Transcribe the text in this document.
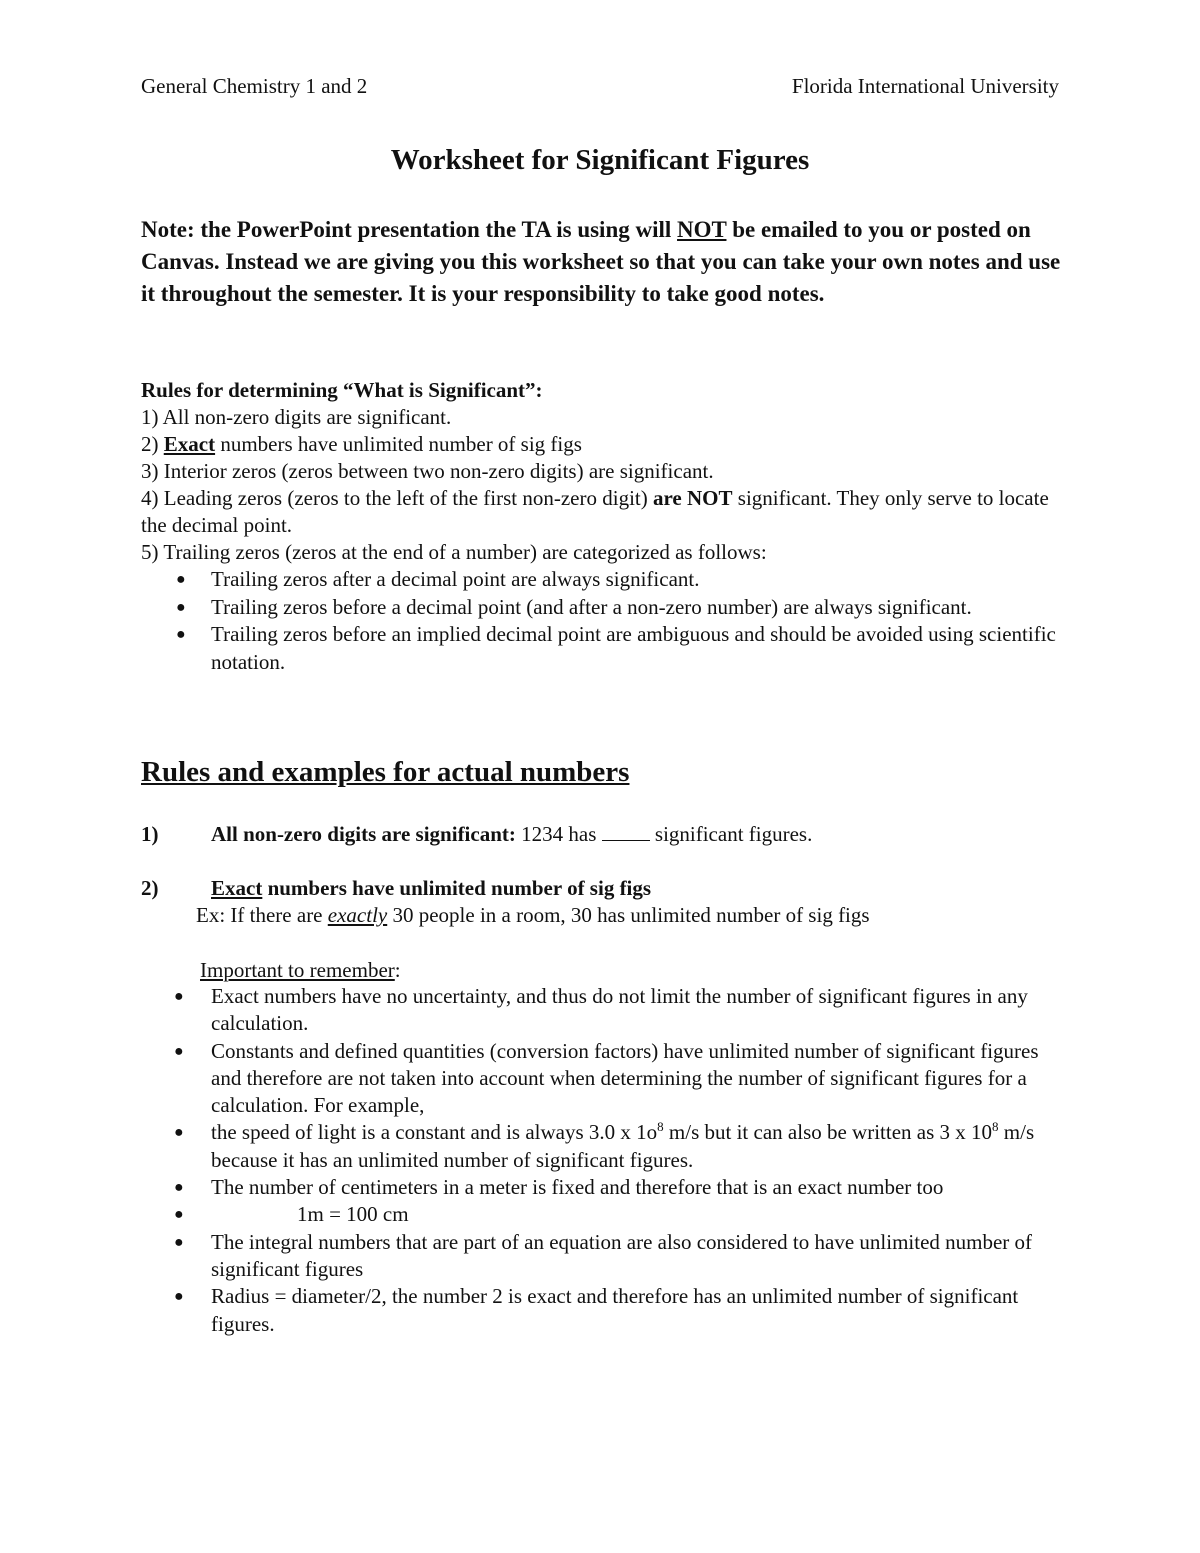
General Chemistry 1 and 2	Florida International University
Worksheet for Significant Figures
Note: the PowerPoint presentation the TA is using will NOT be emailed to you or posted on Canvas. Instead we are giving you this worksheet so that you can take your own notes and use it throughout the semester. It is your responsibility to take good notes.
Rules for determining “What is Significant”:
1) All non-zero digits are significant.
2) Exact numbers have unlimited number of sig figs
3) Interior zeros (zeros between two non-zero digits) are significant.
4) Leading zeros (zeros to the left of the first non-zero digit) are NOT significant. They only serve to locate the decimal point.
5) Trailing zeros (zeros at the end of a number) are categorized as follows:
● Trailing zeros after a decimal point are always significant.
● Trailing zeros before a decimal point (and after a non-zero number) are always significant.
● Trailing zeros before an implied decimal point are ambiguous and should be avoided using scientific notation.
Rules and examples for actual numbers
1)	All non-zero digits are significant: 1234 has  significant figures.
2)	Exact numbers have unlimited number of sig figs
Ex: If there are exactly 30 people in a room, 30 has unlimited number of sig figs
Important to remember:
● Exact numbers have no uncertainty, and thus do not limit the number of significant figures in any calculation.
● Constants and defined quantities (conversion factors) have unlimited number of significant figures and therefore are not taken into account when determining the number of significant figures for a calculation. For example,
● the speed of light is a constant and is always 3.0 x $1o^8$ m/s but it can also be written as 3 x $10^8$ m/s because it has an unlimited number of significant figures.
● The number of centimeters in a meter is fixed and therefore that is an exact number too
●	1m = 100 cm
● The integral numbers that are part of an equation are also considered to have unlimited number of significant figures
● Radius = diameter/2, the number 2 is exact and therefore has an unlimited number of significant figures.
